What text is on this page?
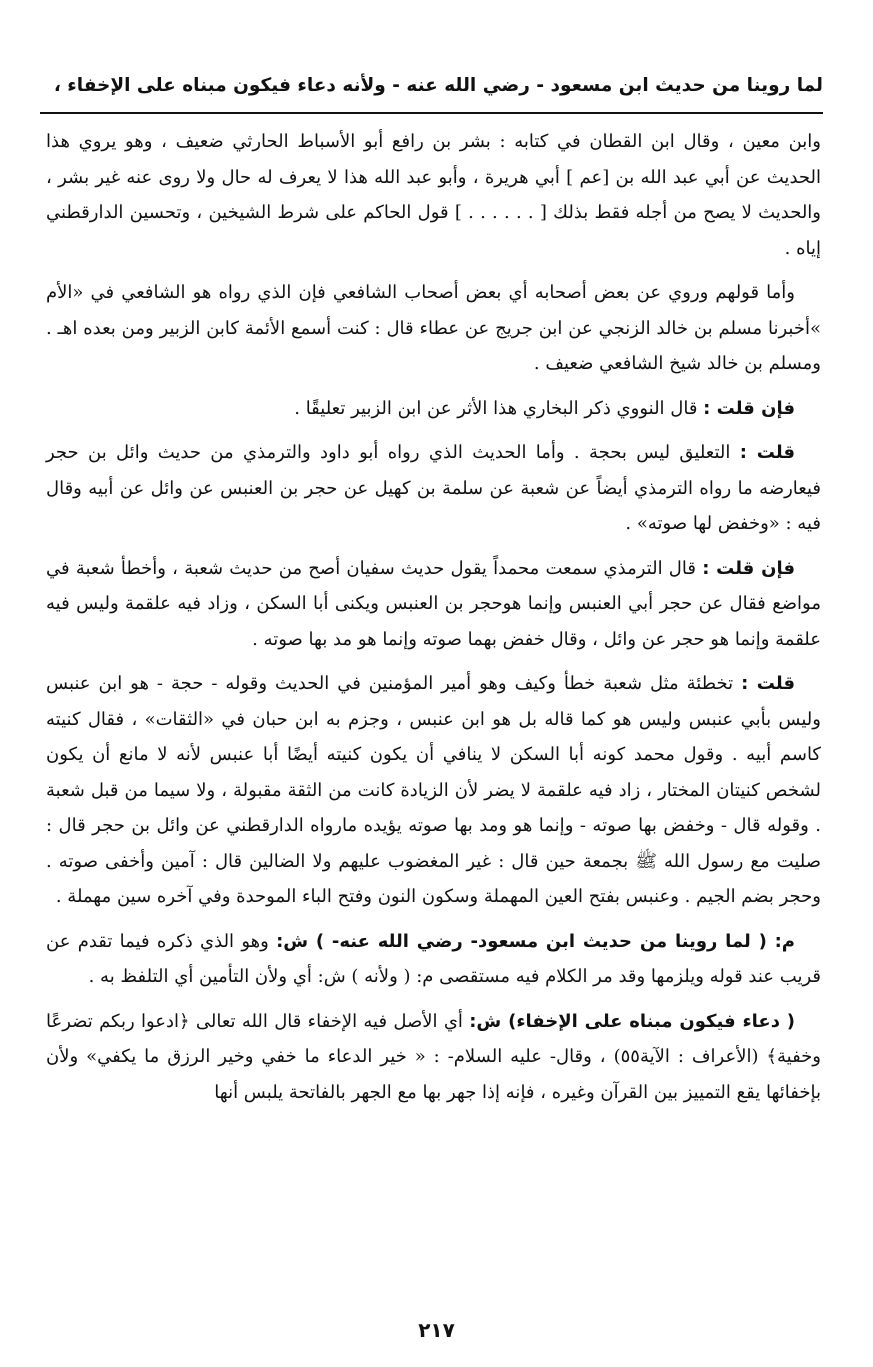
لما روينا من حديث ابن مسعود - رضي الله عنه - ولأنه دعاء فيكون مبناه على الإخفاء ،

وابن معين ، وقال ابن القطان في كتابه : بشر بن رافع أبو الأسباط الحارثي ضعيف ، وهو يروي هذا الحديث عن أبي عبد الله بن [عم ] أبي هريرة ، وأبو عبد الله هذا لا يعرف له حال ولا روى عنه غير بشر ، والحديث لا يصح من أجله فقط بذلك [ . . . . . . ] قول الحاكم على شرط الشيخين ، وتحسين الدارقطني إياه .

وأما قولهم وروي عن بعض أصحابه أي بعض أصحاب الشافعي فإن الذي رواه هو الشافعي في «الأم »أخبرنا مسلم بن خالد الزنجي عن ابن جريج عن عطاء قال : كنت أسمع الأئمة كابن الزبير ومن بعده اهـ . ومسلم بن خالد شيخ الشافعي ضعيف .

فإن قلت : قال النووي ذكر البخاري هذا الأثر عن ابن الزبير تعليقًا .

قلت : التعليق ليس بحجة . وأما الحديث الذي رواه أبو داود والترمذي من حديث وائل بن حجر فيعارضه ما رواه الترمذي أيضاً عن شعبة عن سلمة بن كهيل عن حجر بن العنبس عن وائل عن أبيه وقال فيه : «وخفض لها صوته» .

فإن قلت : قال الترمذي سمعت محمداً يقول حديث سفيان أصح من حديث شعبة ، وأخطأ شعبة في مواضع فقال عن حجر أبي العنبس وإنما هوحجر بن العنبس ويكنى أبا السكن ، وزاد فيه علقمة وليس فيه علقمة وإنما هو حجر عن وائل ، وقال خفض بهما صوته وإنما هو مد بها صوته .

قلت : تخطئة مثل شعبة خطأ وكيف وهو أمير المؤمنين في الحديث وقوله - حجة - هو ابن عنبس وليس بأبي عنبس وليس هو كما قاله بل هو ابن عنبس ، وجزم به ابن حبان في «الثقات» ، فقال كنيته كاسم أبيه . وقول محمد كونه أبا السكن لا ينافي أن يكون كنيته أيضًا أبا عنبس لأنه لا مانع أن يكون لشخص كنيتان المختار ، زاد فيه علقمة لا يضر لأن الزيادة كانت من الثقة مقبولة ، ولا سيما من قبل شعبة . وقوله قال - وخفض بها صوته - وإنما هو ومد بها صوته يؤيده مارواه الدارقطني عن وائل بن حجر قال : صليت مع رسول الله ﷺ بجمعة حين قال : غير المغضوب عليهم ولا الضالين قال : آمين وأخفى صوته . وحجر بضم الجيم . وعنبس بفتح العين المهملة وسكون النون وفتح الباء الموحدة وفي آخره سين مهملة .

م: ( لما روينا من حديث ابن مسعود- رضي الله عنه- ) ش: وهو الذي ذكره فيما تقدم عن قريب عند قوله ويلزمها وقد مر الكلام فيه مستقصى م: ( ولأنه ) ش: أي ولأن التأمين أي التلفظ به .

( دعاء فيكون مبناه على الإخفاء) ش: أي الأصل فيه الإخفاء قال الله تعالى ﴿ادعوا ربكم تضرعًا وخفية﴾ (الأعراف : الآية٥٥) ، وقال- عليه السلام- : « خير الدعاء ما خفي وخير الرزق ما يكفي» ولأن بإخفائها يقع التمييز بين القرآن وغيره ، فإنه إذا جهر بها مع الجهر بالفاتحة يلبس أنها

٢١٧
